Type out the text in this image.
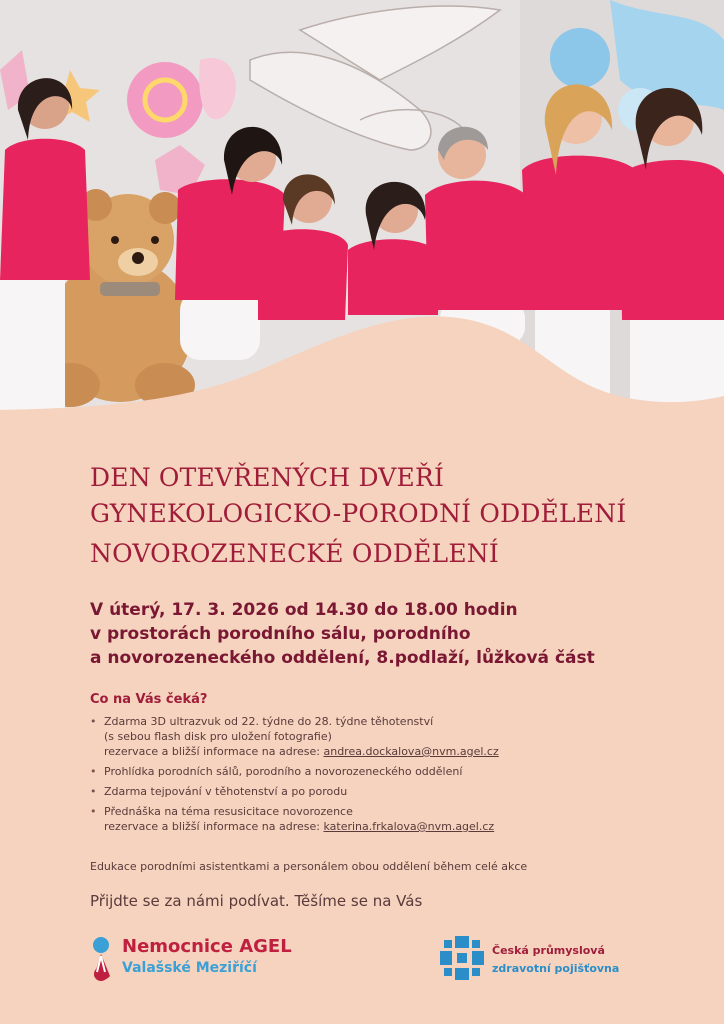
DEN OTEVŘENÝCH DVEŘÍ
GYNEKOLOGICKO-PORODNÍ ODDĚLENÍ
NOVOROZENECKÉ ODDĚLENÍ
V úterý, 17. 3. 2026 od 14.30 do 18.00 hodin
v prostorách porodního sálu, porodního
a novorozeneckého oddělení, 8.podlaží, lůžková část
Co na Vás čeká?
• Zdarma 3D ultrazvuk od 22. týdne do 28. týdne těhotenství
(s sebou flash disk pro uložení fotografie)
rezervace a bližší informace na adrese: andrea.dockalova@nvm.agel.cz
• Prohlídka porodních sálů, porodního a novorozeneckého oddělení
• Zdarma tejpování v těhotenství a po porodu
• Přednáška na téma resusicitace novorozence
rezervace a bližší informace na adrese: katerina.frkalova@nvm.agel.cz
Edukace porodními asistentkami a personálem obou oddělení během celé akce
Přijdte se za námi podívat. Těšíme se na Vás
Nemocnice AGEL
Valašské Meziříčí
Česká průmyslová
zdravotní pojišťovna
